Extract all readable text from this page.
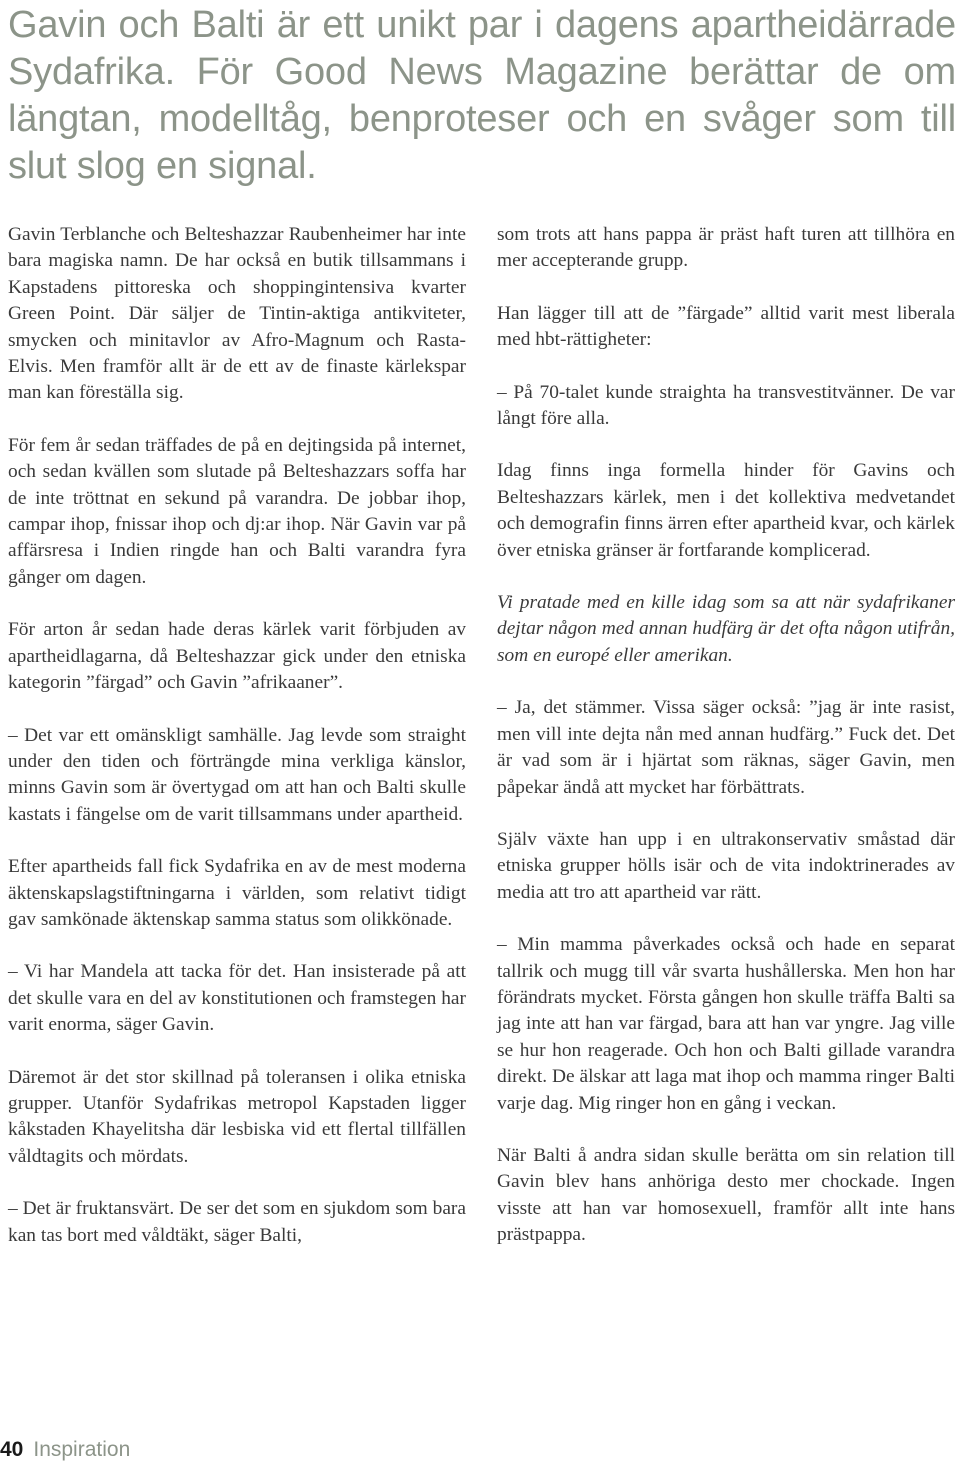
Gavin och Balti är ett unikt par i dagens apartheidärrade Sydafrika. För Good News Magazine berättar de om längtan, modelltåg, benproteser och en svåger som till slut slog en signal.

Gavin Terblanche och Belteshazzar Raubenheimer har inte bara magiska namn. De har också en butik tillsammans i Kapstadens pittoreska och shoppingintensiva kvarter Green Point. Där säljer de Tintin-aktiga antikviteter, smycken och minitavlor av Afro-Magnum och Rasta-Elvis. Men framför allt är de ett av de finaste kärlekspar man kan föreställa sig.

För fem år sedan träffades de på en dejtingsida på internet, och sedan kvällen som slutade på Belteshazzars soffa har de inte tröttnat en sekund på varandra. De jobbar ihop, campar ihop, fnissar ihop och dj:ar ihop. När Gavin var på affärsresa i Indien ringde han och Balti varandra fyra gånger om dagen.

För arton år sedan hade deras kärlek varit förbjuden av apartheidlagarna, då Belteshazzar gick under den etniska kategorin ”färgad” och Gavin ”afrikaaner”.

– Det var ett omänskligt samhälle. Jag levde som straight under den tiden och förträngde mina verkliga känslor, minns Gavin som är övertygad om att han och Balti skulle kastats i fängelse om de varit tillsammans under apartheid.

Efter apartheids fall fick Sydafrika en av de mest moderna äktenskapslagstiftningarna i världen, som relativt tidigt gav samkönade äktenskap samma status som olikkönade.

– Vi har Mandela att tacka för det. Han insisterade på att det skulle vara en del av konstitutionen och framstegen har varit enorma, säger Gavin.

Däremot är det stor skillnad på toleransen i olika etniska grupper. Utanför Sydafrikas metropol Kapstaden ligger kåkstaden Khayelitsha där lesbiska vid ett flertal tillfällen våldtagits och mördats.

– Det är fruktansvärt. De ser det som en sjukdom som bara kan tas bort med våldtäkt, säger Balti,

som trots att hans pappa är präst haft turen att tillhöra en mer accepterande grupp.

Han lägger till att de ”färgade” alltid varit mest liberala med hbt-rättigheter:

– På 70-talet kunde straighta ha transvestitvänner. De var långt före alla.

Idag finns inga formella hinder för Gavins och Belteshazzars kärlek, men i det kollektiva medvetandet och demografin finns ärren efter apartheid kvar, och kärlek över etniska gränser är fortfarande komplicerad.

Vi pratade med en kille idag som sa att när sydafrikaner dejtar någon med annan hudfärg är det ofta någon utifrån, som en europé eller amerikan.

– Ja, det stämmer. Vissa säger också: ”jag är inte rasist, men vill inte dejta nån med annan hudfärg.” Fuck det. Det är vad som är i hjärtat som räknas, säger Gavin, men påpekar ändå att mycket har förbättrats.

Själv växte han upp i en ultrakonservativ småstad där etniska grupper hölls isär och de vita indoktrinerades av media att tro att apartheid var rätt.

– Min mamma påverkades också och hade en separat tallrik och mugg till vår svarta hushållerska. Men hon har förändrats mycket. Första gången hon skulle träffa Balti sa jag inte att han var färgad, bara att han var yngre. Jag ville se hur hon reagerade. Och hon och Balti gillade varandra direkt. De älskar att laga mat ihop och mamma ringer Balti varje dag. Mig ringer hon en gång i veckan.

När Balti å andra sidan skulle berätta om sin relation till Gavin blev hans anhöriga desto mer chockade. Ingen visste att han var homosexuell, framför allt inte hans prästpappa.

40 Inspiration
